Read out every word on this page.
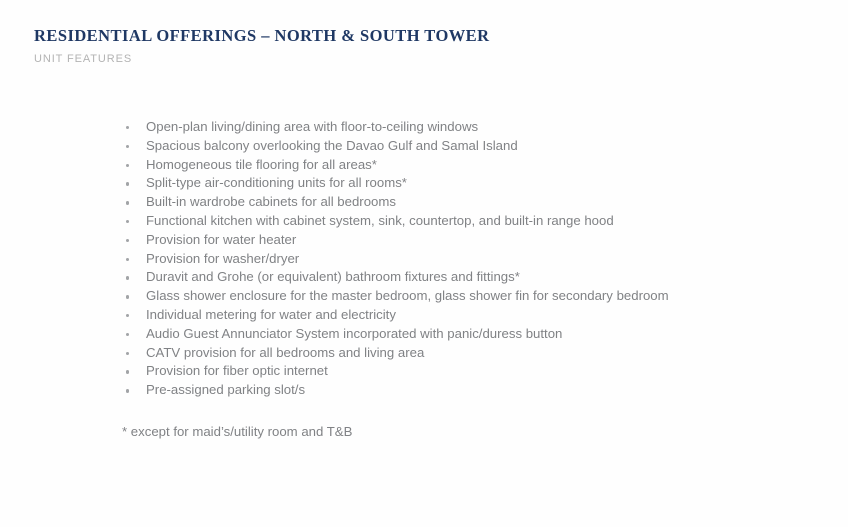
RESIDENTIAL OFFERINGS – NORTH & SOUTH TOWER
UNIT FEATURES
Open-plan living/dining area with floor-to-ceiling windows
Spacious balcony overlooking the Davao Gulf and Samal Island
Homogeneous tile flooring for all areas*
Split-type air-conditioning units for all rooms*
Built-in wardrobe cabinets for all bedrooms
Functional kitchen with cabinet system, sink, countertop, and built-in range hood
Provision for water heater
Provision for washer/dryer
Duravit and Grohe (or equivalent) bathroom fixtures and fittings*
Glass shower enclosure for the master bedroom, glass shower fin for secondary bedroom
Individual metering for water and electricity
Audio Guest Annunciator System incorporated with panic/duress button
CATV provision for all bedrooms and living area
Provision for fiber optic internet
Pre-assigned parking slot/s
* except for maid’s/utility room and T&B
